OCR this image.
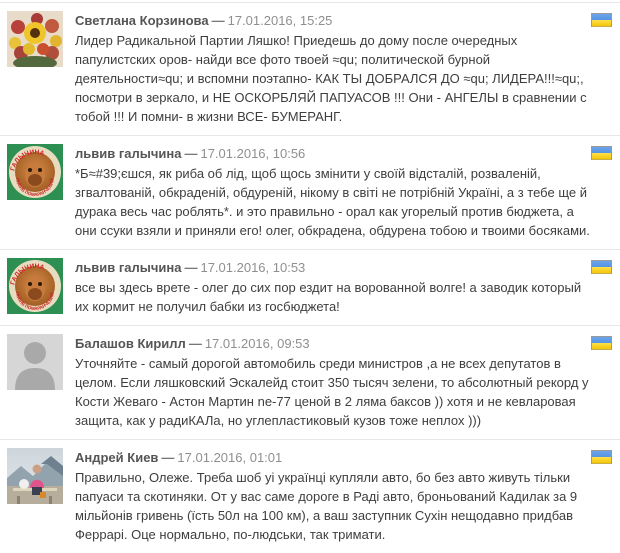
Светлана Корзинова — 17.01.2016, 15:25
Лидер Радикальной Партии Ляшко! Приедешь до дому после очередных папулистских оров- найди все фото твоей ≈qu; политической бурной деятельности≈qu; и вспомни поэтапно- КАК ТЫ ДОБРАЛСЯ ДО ≈qu; ЛИДЕРА!!!≈qu;, посмотри в зеркало, и НЕ ОСКОРБЛЯЙ ПАПУАСОВ !!! Они - АНГЕЛЫ в сравнении с тобой !!! И помни- в жизни ВСЕ- БУМЕРАНГ.
ГАЛЫЧИНА
ЛЬВИВ ПОМАРАНЧЕВИЙ
львив галычина — 17.01.2016, 10:56
*Б≈#39;єшся, як риба об лід, щоб щось змінити у своїй відсталій, розваленій, згвалтованій, обкраденій, обдуреній, нікому в світі не потрібній Україні, а з тебе ще й дурака весь час роблять*. и это правильно - орал как угорелый против бюджета, а они ссуки взяли и приняли его! олег, обкрадена, обдурена тобою и твоими босяками.
ГАЛЫЧИНА
ЛЬВИВ ПОМАРАНЧЕВИЙ
львив галычина — 17.01.2016, 10:53
все вы здесь врете - олег до сих пор ездит на ворованной волге! а заводик который их кормит не получил бабки из госбюджета!
Балашов Кирилл — 17.01.2016, 09:53
Уточняйте - самый дорогой автомобиль среди министров ,а не всех депутатов в целом. Если ляшковский Эскалейд стоит 350 тысяч зелени, то абсолютный рекорд у Кости Жеваго - Астон Мартин ne-77 ценой в 2 ляма баксов )) хотя и не кевларовая защита, как у радиКАЛа, но углепластиковый кузов тоже неплох )))
Андрей Киев — 17.01.2016, 01:01
Правильно, Олеже. Треба шоб уі українці купляли авто, бо без авто живуть тільки папуаси та скотиняки. От у вас саме дороге в Раді авто, броньований Кадилак за 9 мільйонів гривень (їсть 50л на 100 км), а ваш заступник Сухін нещодавно придбав Феррарі. Оце нормально, по-людськи, так тримати.
